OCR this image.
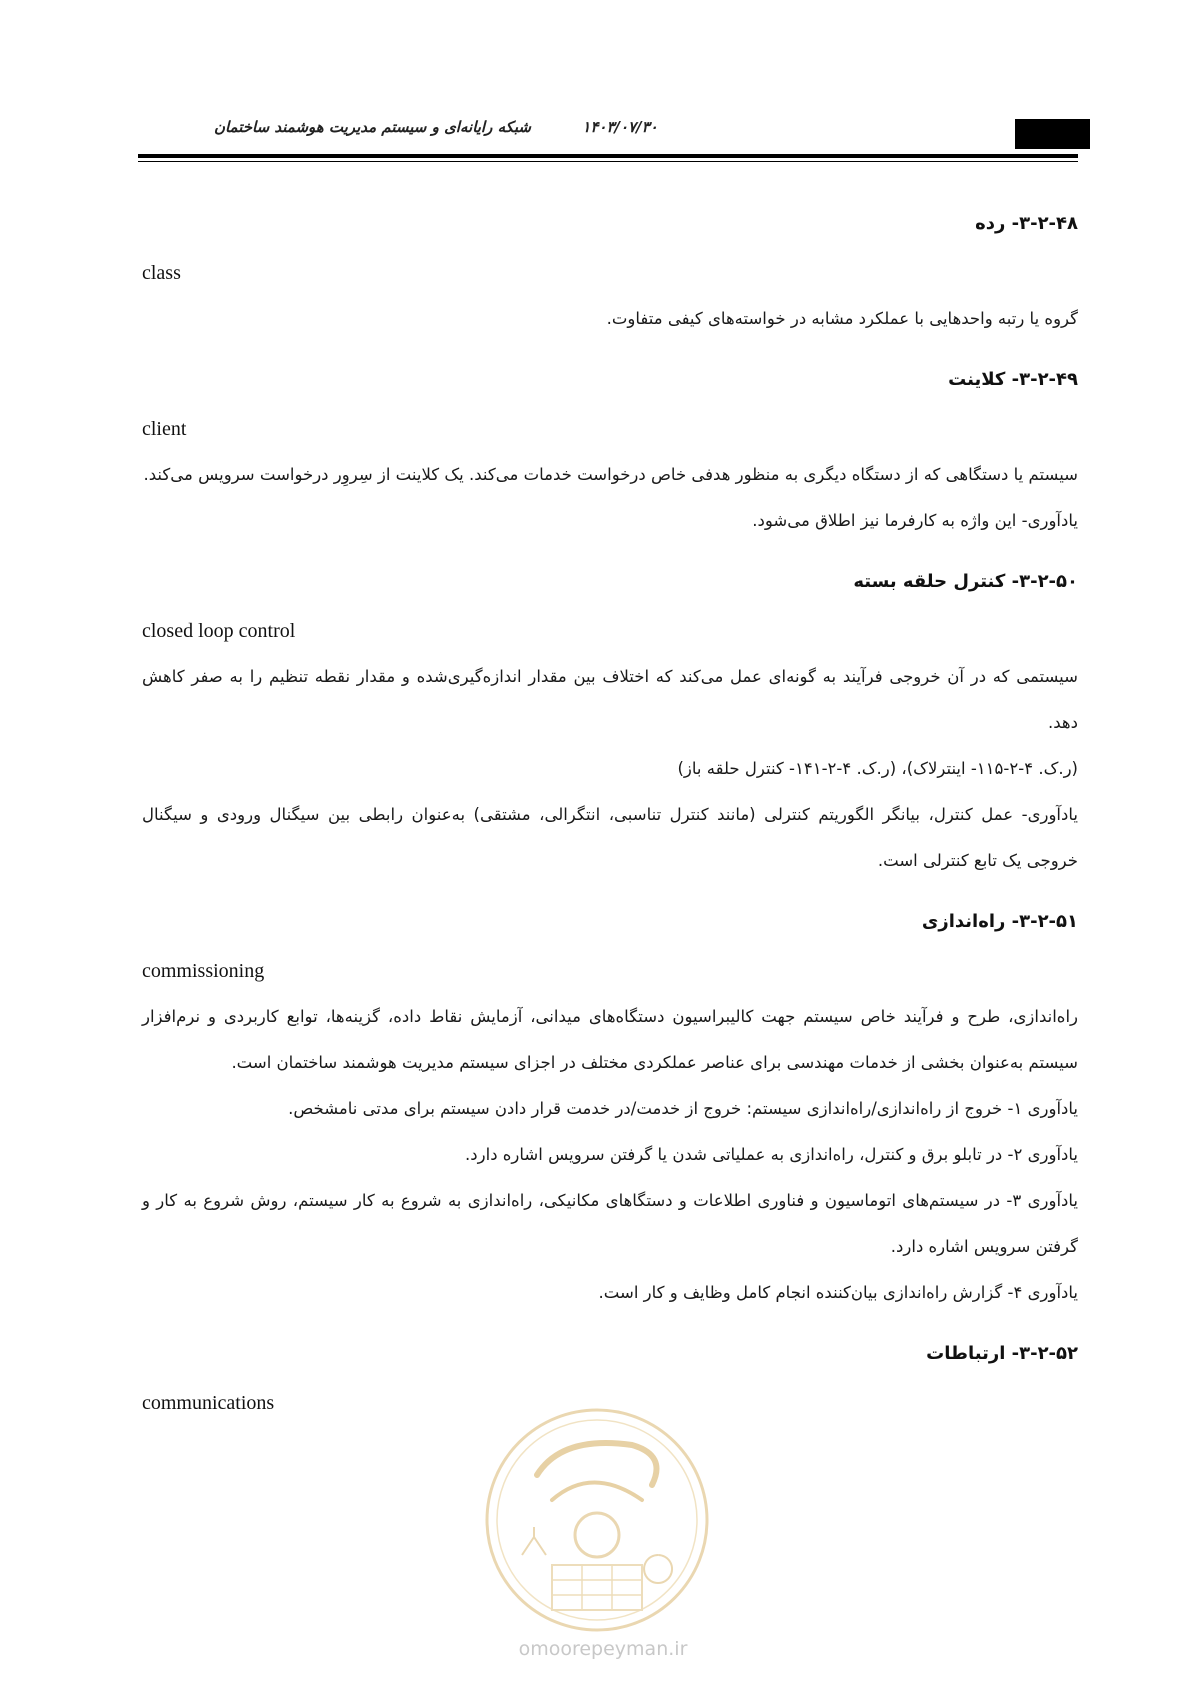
شبکه رایانه‌ای و سیستم مدیریت هوشمند ساختمان	۱۴۰۳/۰۷/۳۰
۳-۲-۴۸- رده
class

گروه یا رتبه واحدهایی با عملکرد مشابه در خواسته‌های کیفی متفاوت.

۳-۲-۴۹- کلاینت
client

سیستم یا دستگاهی که از دستگاه دیگری به منظور هدفی خاص درخواست خدمات می‌کند. یک کلاینت از سِروِر درخواست سرویس می‌کند.

یادآوری- این واژه به کارفرما نیز اطلاق می‌شود.

۳-۲-۵۰- کنترل حلقه بسته
closed loop control

سیستمی که در آن خروجی فرآیند به گونه‌ای عمل می‌کند که اختلاف بین مقدار اندازه‌گیری‌شده و مقدار نقطه تنظیم را به صفر کاهش دهد.

(ر.ک. ۴-۲-۱۱۵- اینترلاک)، (ر.ک. ۴-۲-۱۴۱- کنترل حلقه باز)

یادآوری- عمل کنترل، بیانگر الگوریتم کنترلی (مانند کنترل تناسبی، انتگرالی، مشتقی) به‌عنوان رابطی بین سیگنال ورودی و سیگنال خروجی یک تابع کنترلی است.

۳-۲-۵۱- راه‌اندازی
commissioning

راه‌اندازی، طرح و فرآیند خاص سیستم جهت کالیبراسیون دستگاه‌های میدانی، آزمایش نقاط داده، گزینه‌ها، توابع کاربردی و نرم‌افزار سیستم به‌عنوان بخشی از خدمات مهندسی برای عناصر عملکردی مختلف در اجزای سیستم مدیریت هوشمند ساختمان است.

یادآوری ۱- خروج از راه‌اندازی/راه‌اندازی سیستم: خروج از خدمت/در خدمت قرار دادن سیستم برای مدتی نامشخص.

یادآوری ۲- در تابلو برق و کنترل، راه‌اندازی به عملیاتی شدن یا گرفتن سرویس اشاره دارد.

یادآوری ۳- در سیستم‌های اتوماسیون و فناوری اطلاعات و دستگاهای مکانیکی، راه‌اندازی به شروع به کار سیستم، روش شروع به کار و گرفتن سرویس اشاره دارد.

یادآوری ۴- گزارش راه‌اندازی بیان‌کننده انجام کامل وظایف و کار است.

۳-۲-۵۲- ارتباطات
communications
omoorepeyman.ir
